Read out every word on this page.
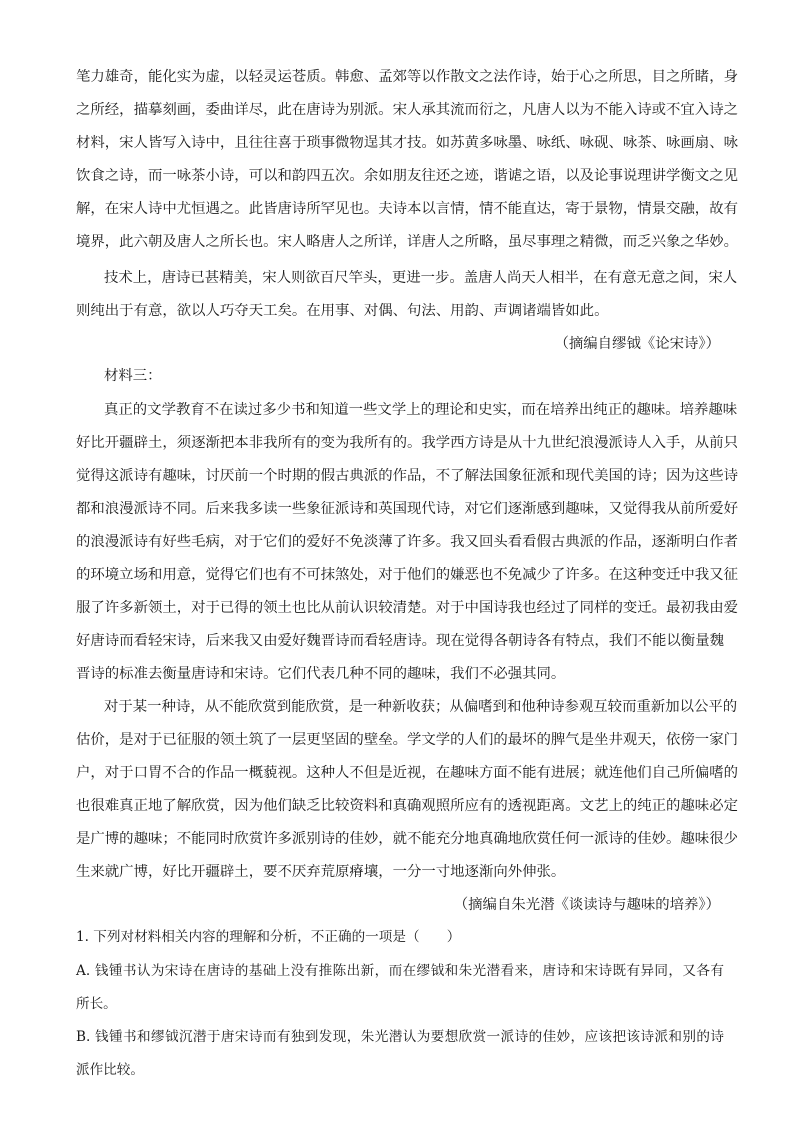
笔力雄奇，能化实为虚，以轻灵运苍质。韩愈、孟郊等以作散文之法作诗，始于心之所思，目之所睹，身
之所经，描摹刻画，委曲详尽，此在唐诗为别派。宋人承其流而衍之，凡唐人以为不能入诗或不宜入诗之
材料，宋人皆写入诗中，且往往喜于琐事微物逞其才技。如苏黄多咏墨、咏纸、咏砚、咏茶、咏画扇、咏
饮食之诗，而一咏茶小诗，可以和韵四五次。余如朋友往还之迹，谐谑之语，以及论事说理讲学衡文之见
解，在宋人诗中尤恒遇之。此皆唐诗所罕见也。夫诗本以言情，情不能直达，寄于景物，情景交融，故有
境界，此六朝及唐人之所长也。宋人略唐人之所详，详唐人之所略，虽尽事理之精微，而乏兴象之华妙。
技术上，唐诗已甚精美，宋人则欲百尺竿头，更进一步。盖唐人尚天人相半，在有意无意之间，宋人
则纯出于有意，欲以人巧夺天工矣。在用事、对偶、句法、用韵、声调诸端皆如此。
（摘编自缪钺《论宋诗》）
材料三：
真正的文学教育不在读过多少书和知道一些文学上的理论和史实，而在培养出纯正的趣味。培养趣味
好比开疆辟土，须逐渐把本非我所有的变为我所有的。我学西方诗是从十九世纪浪漫派诗人入手，从前只
觉得这派诗有趣味，讨厌前一个时期的假古典派的作品，不了解法国象征派和现代美国的诗；因为这些诗
都和浪漫派诗不同。后来我多读一些象征派诗和英国现代诗，对它们逐渐感到趣味，又觉得我从前所爱好
的浪漫派诗有好些毛病，对于它们的爱好不免淡薄了许多。我又回头看看假古典派的作品，逐渐明白作者
的环境立场和用意，觉得它们也有不可抹煞处，对于他们的嫌恶也不免减少了许多。在这种变迁中我又征
服了许多新领土，对于已得的领土也比从前认识较清楚。对于中国诗我也经过了同样的变迁。最初我由爱
好唐诗而看轻宋诗，后来我又由爱好魏晋诗而看轻唐诗。现在觉得各朝诗各有特点，我们不能以衡量魏
晋诗的标准去衡量唐诗和宋诗。它们代表几种不同的趣味，我们不必强其同。
对于某一种诗，从不能欣赏到能欣赏，是一种新收获；从偏嗜到和他种诗参观互较而重新加以公平的
估价，是对于已征服的领土筑了一层更坚固的壁垒。学文学的人们的最坏的脾气是坐井观天，依傍一家门
户，对于口胃不合的作品一概藐视。这种人不但是近视，在趣味方面不能有进展；就连他们自己所偏嗜的
也很难真正地了解欣赏，因为他们缺乏比较资料和真确观照所应有的透视距离。文艺上的纯正的趣味必定
是广博的趣味；不能同时欣赏许多派别诗的佳妙，就不能充分地真确地欣赏任何一派诗的佳妙。趣味很少
生来就广博，好比开疆辟土，要不厌弃荒原瘠壤，一分一寸地逐渐向外伸张。
（摘编自朱光潜《谈读诗与趣味的培养》）
1. 下列对材料相关内容的理解和分析，不正确的一项是（　　）
A. 钱锺书认为宋诗在唐诗的基础上没有推陈出新，而在缪钺和朱光潜看来，唐诗和宋诗既有异同，又各有
所长。
B. 钱锺书和缪钺沉潜于唐宋诗而有独到发现，朱光潜认为要想欣赏一派诗的佳妙，应该把该诗派和别的诗
派作比较。
